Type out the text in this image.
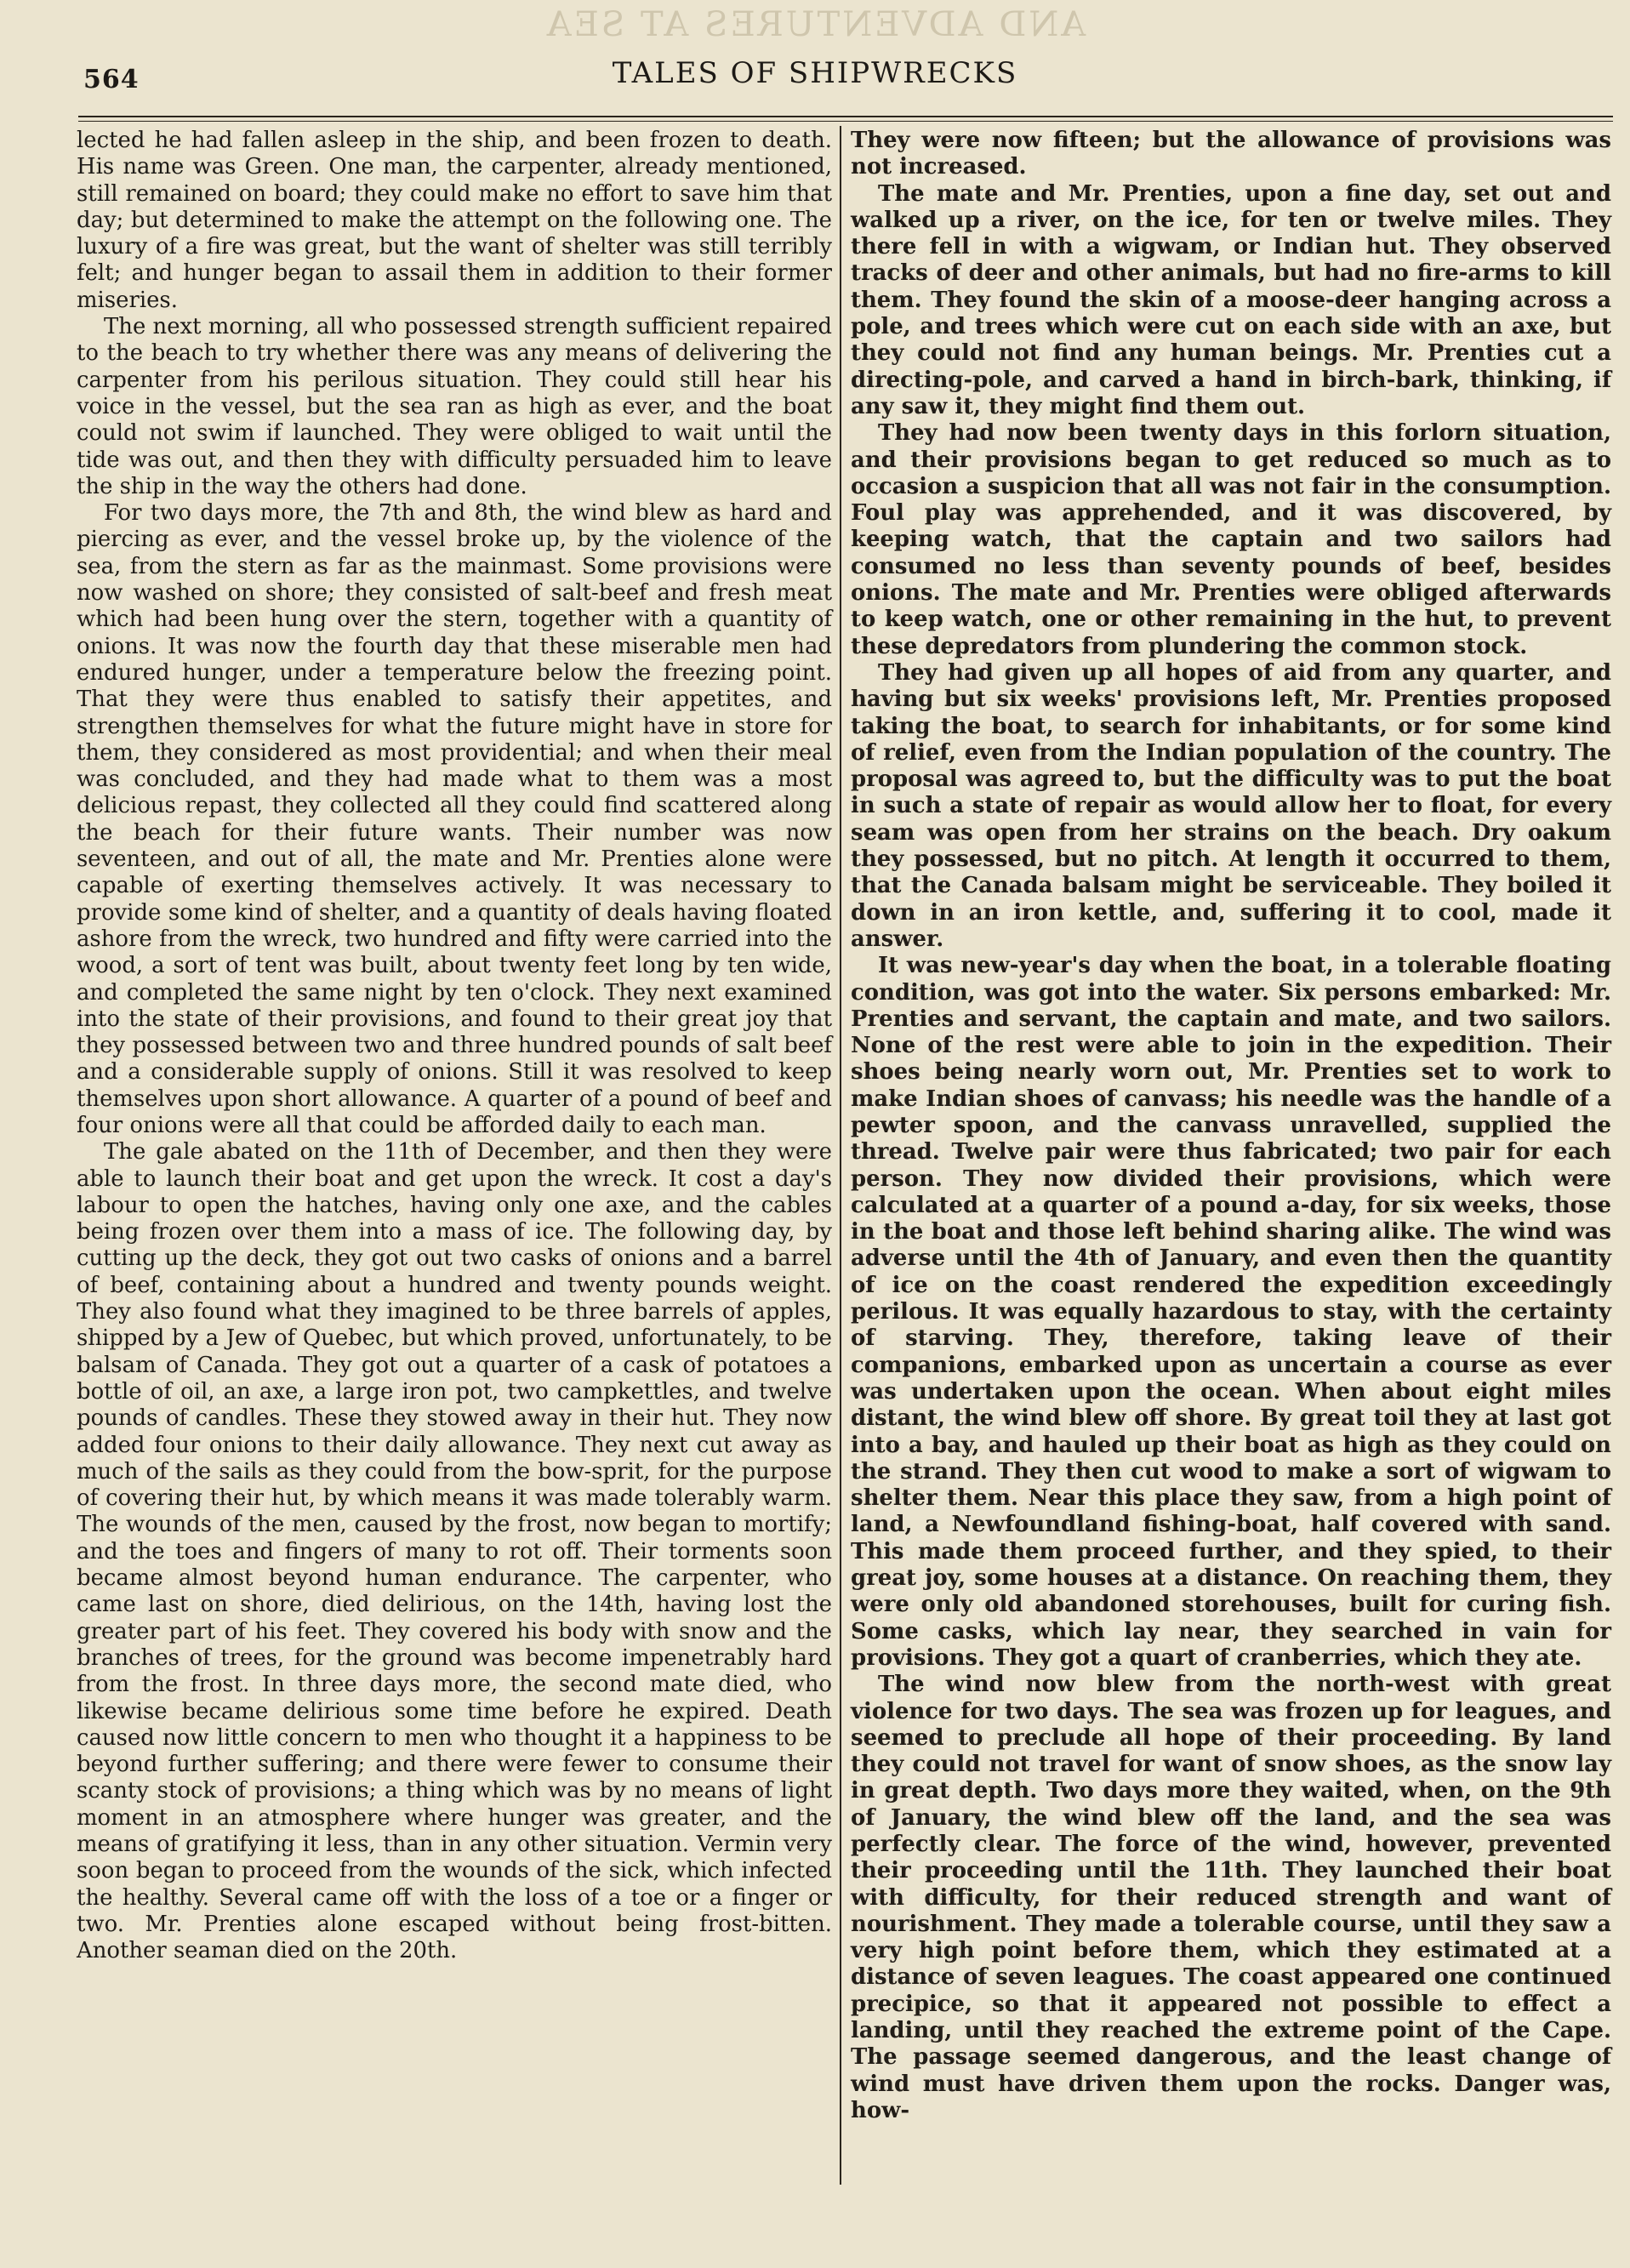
AND ADVENTURES AT SEA
564	TALES OF SHIPWRECKS

lected he had fallen asleep in the ship, and been frozen to death. His name was Green. One man, the carpenter, already mentioned, still remained on board; they could make no effort to save him that day; but determined to make the attempt on the following one. The luxury of a fire was great, but the want of shelter was still terribly felt; and hunger began to assail them in addition to their former miseries.

The next morning, all who possessed strength sufficient repaired to the beach to try whether there was any means of delivering the carpenter from his perilous situation. They could still hear his voice in the vessel, but the sea ran as high as ever, and the boat could not swim if launched. They were obliged to wait until the tide was out, and then they with difficulty persuaded him to leave the ship in the way the others had done.

For two days more, the 7th and 8th, the wind blew as hard and piercing as ever, and the vessel broke up, by the violence of the sea, from the stern as far as the mainmast. Some provisions were now washed on shore; they consisted of salt-beef and fresh meat which had been hung over the stern, together with a quantity of onions. It was now the fourth day that these miserable men had endured hunger, under a temperature below the freezing point. That they were thus enabled to satisfy their appetites, and strengthen themselves for what the future might have in store for them, they considered as most providential; and when their meal was concluded, and they had made what to them was a most delicious repast, they collected all they could find scattered along the beach for their future wants. Their number was now seventeen, and out of all, the mate and Mr. Prenties alone were capable of exerting themselves actively. It was necessary to provide some kind of shelter, and a quantity of deals having floated ashore from the wreck, two hundred and fifty were carried into the wood, a sort of tent was built, about twenty feet long by ten wide, and completed the same night by ten o'clock. They next examined into the state of their provisions, and found to their great joy that they possessed between two and three hundred pounds of salt beef and a considerable supply of onions. Still it was resolved to keep themselves upon short allowance. A quarter of a pound of beef and four onions were all that could be afforded daily to each man.

The gale abated on the 11th of December, and then they were able to launch their boat and get upon the wreck. It cost a day's labour to open the hatches, having only one axe, and the cables being frozen over them into a mass of ice. The following day, by cutting up the deck, they got out two casks of onions and a barrel of beef, containing about a hundred and twenty pounds weight. They also found what they imagined to be three barrels of apples, shipped by a Jew of Quebec, but which proved, unfortunately, to be balsam of Canada. They got out a quarter of a cask of potatoes a bottle of oil, an axe, a large iron pot, two campkettles, and twelve pounds of candles. These they stowed away in their hut. They now added four onions to their daily allowance. They next cut away as much of the sails as they could from the bow-sprit, for the purpose of covering their hut, by which means it was made tolerably warm. The wounds of the men, caused by the frost, now began to mortify; and the toes and fingers of many to rot off. Their torments soon became almost beyond human endurance. The carpenter, who came last on shore, died delirious, on the 14th, having lost the greater part of his feet. They covered his body with snow and the branches of trees, for the ground was become impenetrably hard from the frost. In three days more, the second mate died, who likewise became delirious some time before he expired. Death caused now little concern to men who thought it a happiness to be beyond further suffering; and there were fewer to consume their scanty stock of provisions; a thing which was by no means of light moment in an atmosphere where hunger was greater, and the means of gratifying it less, than in any other situation. Vermin very soon began to proceed from the wounds of the sick, which infected the healthy. Several came off with the loss of a toe or a finger or two. Mr. Prenties alone escaped without being frost-bitten. Another seaman died on the 20th.

They were now fifteen; but the allowance of provisions was not increased.

The mate and Mr. Prenties, upon a fine day, set out and walked up a river, on the ice, for ten or twelve miles. They there fell in with a wigwam, or Indian hut. They observed tracks of deer and other animals, but had no fire-arms to kill them. They found the skin of a moose-deer hanging across a pole, and trees which were cut on each side with an axe, but they could not find any human beings. Mr. Prenties cut a directing-pole, and carved a hand in birch-bark, thinking, if any saw it, they might find them out.

They had now been twenty days in this forlorn situation, and their provisions began to get reduced so much as to occasion a suspicion that all was not fair in the consumption. Foul play was apprehended, and it was discovered, by keeping watch, that the captain and two sailors had consumed no less than seventy pounds of beef, besides onions. The mate and Mr. Prenties were obliged afterwards to keep watch, one or other remaining in the hut, to prevent these depredators from plundering the common stock.

They had given up all hopes of aid from any quarter, and having but six weeks' provisions left, Mr. Prenties proposed taking the boat, to search for inhabitants, or for some kind of relief, even from the Indian population of the country. The proposal was agreed to, but the difficulty was to put the boat in such a state of repair as would allow her to float, for every seam was open from her strains on the beach. Dry oakum they possessed, but no pitch. At length it occurred to them, that the Canada balsam might be serviceable. They boiled it down in an iron kettle, and, suffering it to cool, made it answer.

It was new-year's day when the boat, in a tolerable floating condition, was got into the water. Six persons embarked: Mr. Prenties and servant, the captain and mate, and two sailors. None of the rest were able to join in the expedition. Their shoes being nearly worn out, Mr. Prenties set to work to make Indian shoes of canvass; his needle was the handle of a pewter spoon, and the canvass unravelled, supplied the thread. Twelve pair were thus fabricated; two pair for each person. They now divided their provisions, which were calculated at a quarter of a pound a-day, for six weeks, those in the boat and those left behind sharing alike. The wind was adverse until the 4th of January, and even then the quantity of ice on the coast rendered the expedition exceedingly perilous. It was equally hazardous to stay, with the certainty of starving. They, therefore, taking leave of their companions, embarked upon as uncertain a course as ever was undertaken upon the ocean. When about eight miles distant, the wind blew off shore. By great toil they at last got into a bay, and hauled up their boat as high as they could on the strand. They then cut wood to make a sort of wigwam to shelter them. Near this place they saw, from a high point of land, a Newfoundland fishing-boat, half covered with sand. This made them proceed further, and they spied, to their great joy, some houses at a distance. On reaching them, they were only old abandoned storehouses, built for curing fish. Some casks, which lay near, they searched in vain for provisions. They got a quart of cranberries, which they ate.

The wind now blew from the north-west with great violence for two days. The sea was frozen up for leagues, and seemed to preclude all hope of their proceeding. By land they could not travel for want of snow shoes, as the snow lay in great depth. Two days more they waited, when, on the 9th of January, the wind blew off the land, and the sea was perfectly clear. The force of the wind, however, prevented their proceeding until the 11th. They launched their boat with difficulty, for their reduced strength and want of nourishment. They made a tolerable course, until they saw a very high point before them, which they estimated at a distance of seven leagues. The coast appeared one continued precipice, so that it appeared not possible to effect a landing, until they reached the extreme point of the Cape. The passage seemed dangerous, and the least change of wind must have driven them upon the rocks. Danger was, how-
